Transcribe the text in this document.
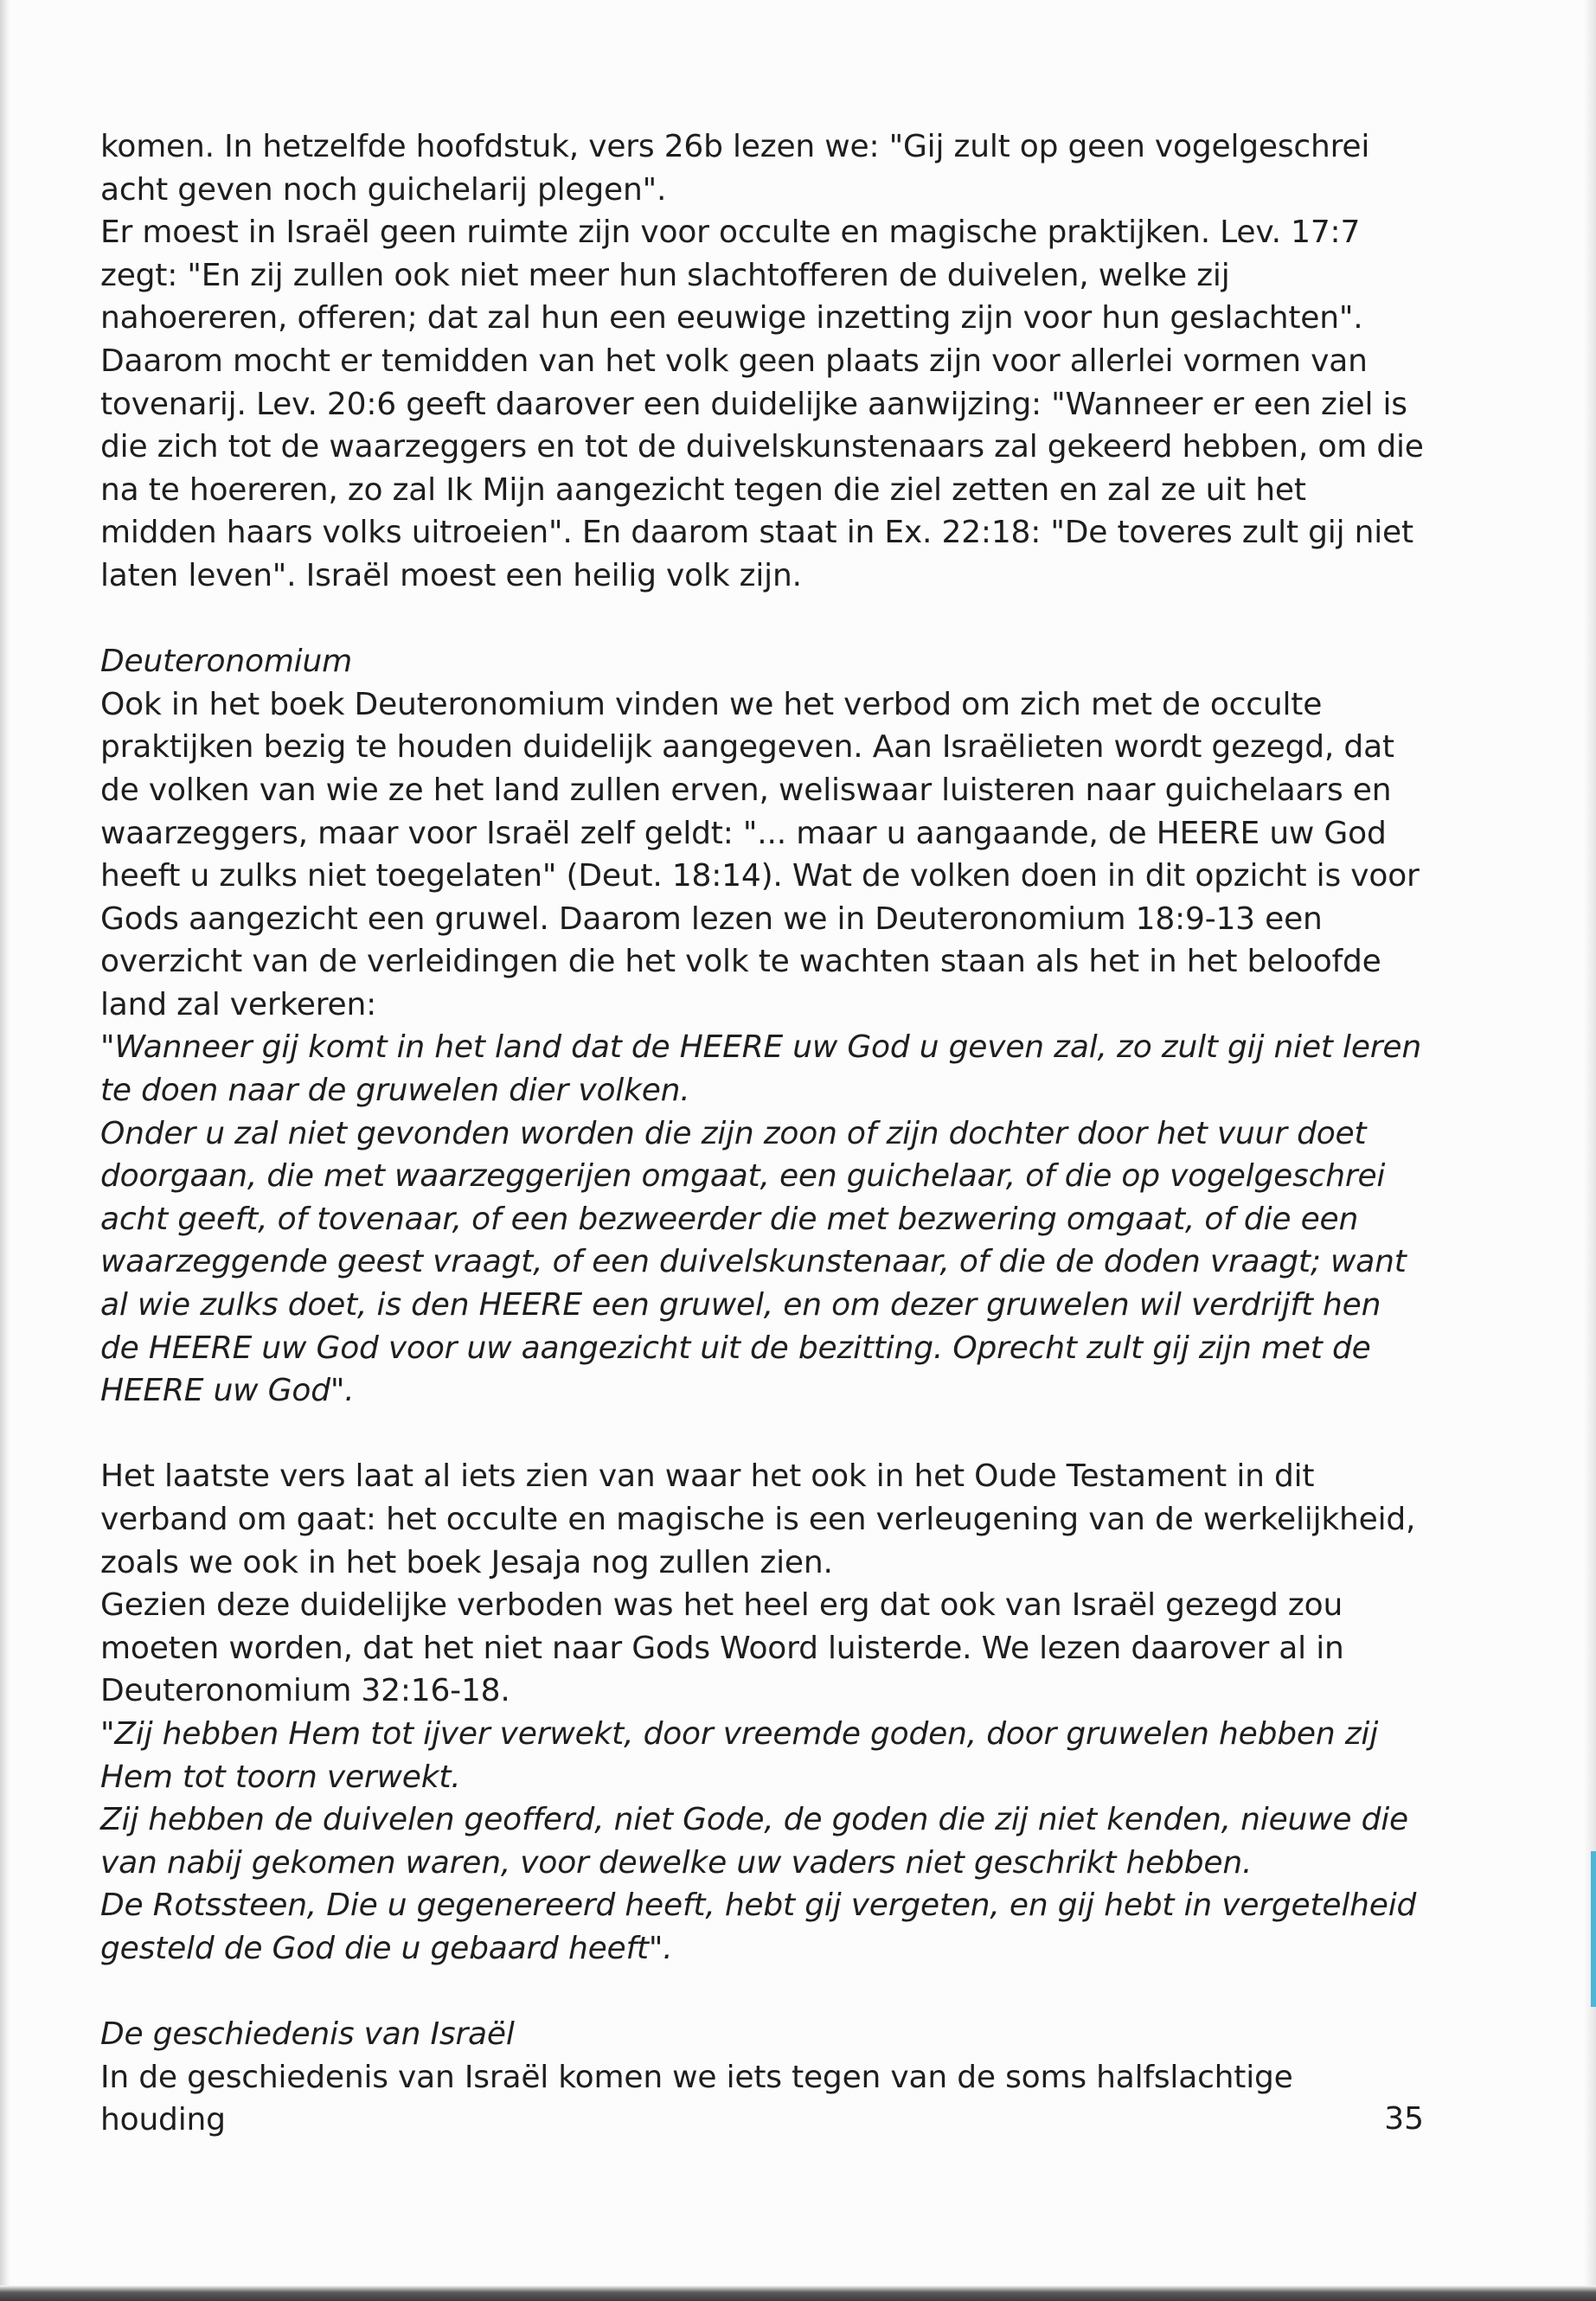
komen. In hetzelfde hoofdstuk, vers 26b lezen we: "Gij zult op geen vogelgeschrei acht geven noch guichelarij plegen".

Er moest in Israël geen ruimte zijn voor occulte en magische praktijken. Lev. 17:7 zegt: "En zij zullen ook niet meer hun slachtofferen de duivelen, welke zij nahoereren, offeren; dat zal hun een eeuwige inzetting zijn voor hun geslachten". Daarom mocht er temidden van het volk geen plaats zijn voor allerlei vormen van tovenarij. Lev. 20:6 geeft daarover een duidelijke aanwijzing: "Wanneer er een ziel is die zich tot de waarzeggers en tot de duivelskunstenaars zal gekeerd hebben, om die na te hoereren, zo zal Ik Mijn aangezicht tegen die ziel zetten en zal ze uit het midden haars volks uitroeien". En daarom staat in Ex. 22:18: "De toveres zult gij niet laten leven". Israël moest een heilig volk zijn.

Deuteronomium

Ook in het boek Deuteronomium vinden we het verbod om zich met de occulte praktijken bezig te houden duidelijk aangegeven. Aan Israëlieten wordt gezegd, dat de volken van wie ze het land zullen erven, weliswaar luisteren naar guichelaars en waarzeggers, maar voor Israël zelf geldt: "... maar u aangaande, de HEERE uw God heeft u zulks niet toegelaten" (Deut. 18:14). Wat de volken doen in dit opzicht is voor Gods aangezicht een gruwel. Daarom lezen we in Deuteronomium 18:9-13 een overzicht van de verleidingen die het volk te wachten staan als het in het beloofde land zal verkeren:

"Wanneer gij komt in het land dat de HEERE uw God u geven zal, zo zult gij niet leren te doen naar de gruwelen dier volken.

Onder u zal niet gevonden worden die zijn zoon of zijn dochter door het vuur doet doorgaan, die met waarzeggerijen omgaat, een guichelaar, of die op vogelgeschrei acht geeft, of tovenaar, of een bezweerder die met bezwering omgaat, of die een waarzeggende geest vraagt, of een duivelskunstenaar, of die de doden vraagt; want al wie zulks doet, is den HEERE een gruwel, en om dezer gruwelen wil verdrijft hen de HEERE uw God voor uw aangezicht uit de bezitting. Oprecht zult gij zijn met de HEERE uw God".

Het laatste vers laat al iets zien van waar het ook in het Oude Testament in dit verband om gaat: het occulte en magische is een verleugening van de werkelijkheid, zoals we ook in het boek Jesaja nog zullen zien.

Gezien deze duidelijke verboden was het heel erg dat ook van Israël gezegd zou moeten worden, dat het niet naar Gods Woord luisterde. We lezen daarover al in Deuteronomium 32:16-18.

"Zij hebben Hem tot ijver verwekt, door vreemde goden, door gruwelen hebben zij Hem tot toorn verwekt.

Zij hebben de duivelen geofferd, niet Gode, de goden die zij niet kenden, nieuwe die van nabij gekomen waren, voor dewelke uw vaders niet geschrikt hebben.

De Rotssteen, Die u gegenereerd heeft, hebt gij vergeten, en gij hebt in vergetelheid gesteld de God die u gebaard heeft".

De geschiedenis van Israël

In de geschiedenis van Israël komen we iets tegen van de soms halfslachtige houding	35
